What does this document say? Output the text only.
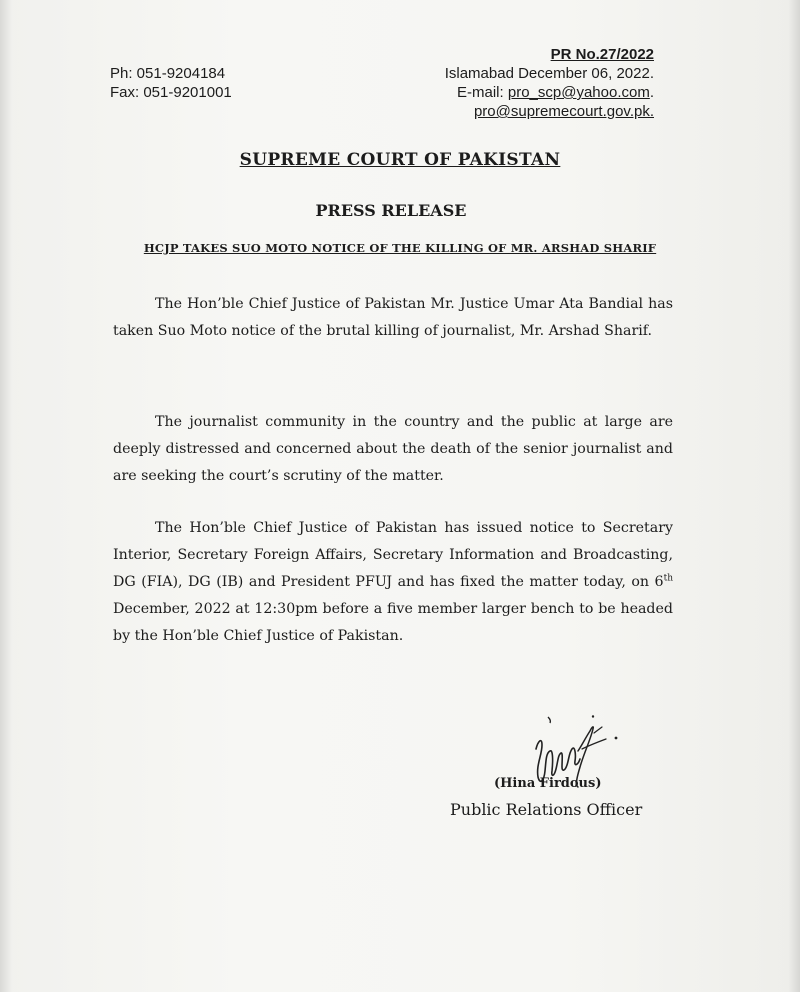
Ph: 051-9204184
Fax: 051-9201001
PR No.27/2022
Islamabad December 06, 2022.
E-mail: pro_scp@yahoo.com.
pro@supremecourt.gov.pk.
SUPREME COURT OF PAKISTAN
PRESS RELEASE
HCJP TAKES SUO MOTO NOTICE OF THE KILLING OF MR. ARSHAD SHARIF
The Hon’ble Chief Justice of Pakistan Mr. Justice Umar Ata Bandial has taken Suo Moto notice of the brutal killing of journalist, Mr. Arshad Sharif.
The journalist community in the country and the public at large are deeply distressed and concerned about the death of the senior journalist and are seeking the court’s scrutiny of the matter.
The Hon’ble Chief Justice of Pakistan has issued notice to Secretary Interior, Secretary Foreign Affairs, Secretary Information and Broadcasting, DG (FIA), DG (IB) and President PFUJ and has fixed the matter today, on 6th December, 2022 at 12:30pm before a five member larger bench to be headed by the Hon’ble Chief Justice of Pakistan.
(Hina Firdous)
Public Relations Officer
